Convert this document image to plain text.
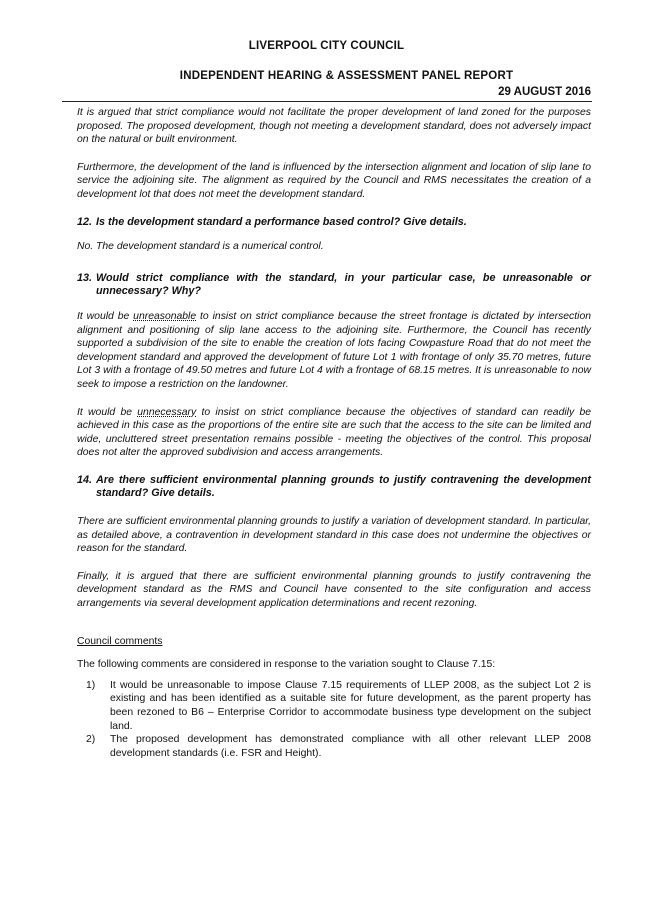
LIVERPOOL CITY COUNCIL
INDEPENDENT HEARING & ASSESSMENT PANEL REPORT
29 AUGUST 2016

It is argued that strict compliance would not facilitate the proper development of land zoned for the purposes proposed. The proposed development, though not meeting a development standard, does not adversely impact on the natural or built environment.

Furthermore, the development of the land is influenced by the intersection alignment and location of slip lane to service the adjoining site. The alignment as required by the Council and RMS necessitates the creation of a development lot that does not meet the development standard.

12. Is the development standard a performance based control? Give details.

No. The development standard is a numerical control.

13. Would strict compliance with the standard, in your particular case, be unreasonable or unnecessary? Why?

It would be unreasonable to insist on strict compliance because the street frontage is dictated by intersection alignment and positioning of slip lane access to the adjoining site. Furthermore, the Council has recently supported a subdivision of the site to enable the creation of lots facing Cowpasture Road that do not meet the development standard and approved the development of future Lot 1 with frontage of only 35.70 metres, future Lot 3 with a frontage of 49.50 metres and future Lot 4 with a frontage of 68.15 metres. It is unreasonable to now seek to impose a restriction on the landowner.

It would be unnecessary to insist on strict compliance because the objectives of standard can readily be achieved in this case as the proportions of the entire site are such that the access to the site can be limited and wide, uncluttered street presentation remains possible - meeting the objectives of the control. This proposal does not alter the approved subdivision and access arrangements.

14. Are there sufficient environmental planning grounds to justify contravening the development standard? Give details.

There are sufficient environmental planning grounds to justify a variation of development standard. In particular, as detailed above, a contravention in development standard in this case does not undermine the objectives or reason for the standard.

Finally, it is argued that there are sufficient environmental planning grounds to justify contravening the development standard as the RMS and Council have consented to the site configuration and access arrangements via several development application determinations and recent rezoning.

Council comments

The following comments are considered in response to the variation sought to Clause 7.15:

1)	It would be unreasonable to impose Clause 7.15 requirements of LLEP 2008, as the subject Lot 2 is existing and has been identified as a suitable site for future development, as the parent property has been rezoned to B6 – Enterprise Corridor to accommodate business type development on the subject land.
2)	The proposed development has demonstrated compliance with all other relevant LLEP 2008 development standards (i.e. FSR and Height).
